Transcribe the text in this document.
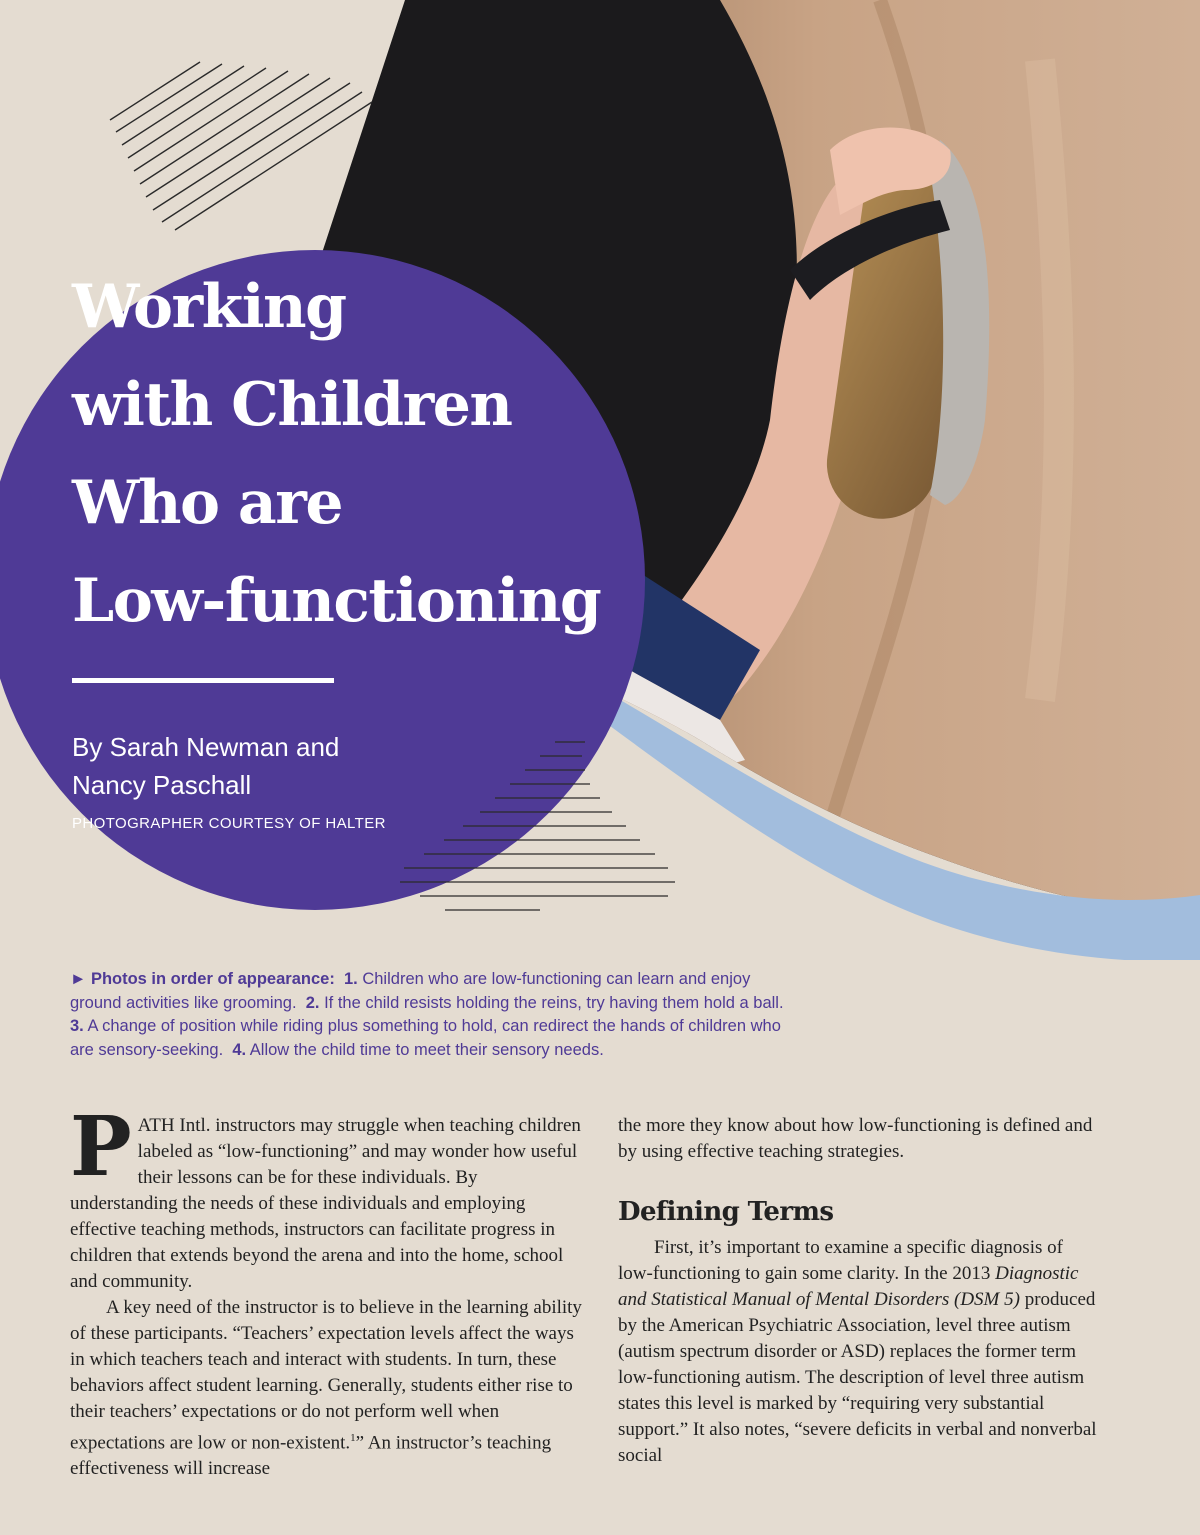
Working
with Children
Who are
Low-functioning
By Sarah Newman and
Nancy Paschall
PHOTOGRAPHER COURTESY OF HALTER
► Photos in order of appearance: 1. Children who are low-functioning can learn and enjoy ground activities like grooming. 2. If the child resists holding the reins, try having them hold a ball.  3. A change of position while riding plus something to hold, can redirect the hands of children who are sensory-seeking. 4. Allow the child time to meet their sensory needs.

PATH Intl. instructors may struggle when teaching children labeled as “low-functioning” and may wonder how useful their lessons can be for these individuals. By understanding the needs of these individuals and employing effective teaching methods, instructors can facilitate progress in children that extends beyond the arena and into the home, school and community.

A key need of the instructor is to believe in the learning ability of these participants. “Teachers’ expectation levels affect the ways in which teachers teach and interact with students. In turn, these behaviors affect student learning. Generally, students either rise to their teachers’ expectations or do not perform well when expectations are low or non-existent.$^1$” An instructor’s teaching effectiveness will increase

the more they know about how low-functioning is defined and by using effective teaching strategies.

Defining Terms

First, it’s important to examine a specific diagnosis of low-functioning to gain some clarity. In the 2013 Diagnostic and Statistical Manual of Mental Disorders (DSM 5) produced by the American Psychiatric Association, level three autism (autism spectrum disorder or ASD) replaces the former term low-functioning autism. The description of level three autism states this level is marked by “requiring very substantial support.” It also notes, “severe deficits in verbal and nonverbal social
